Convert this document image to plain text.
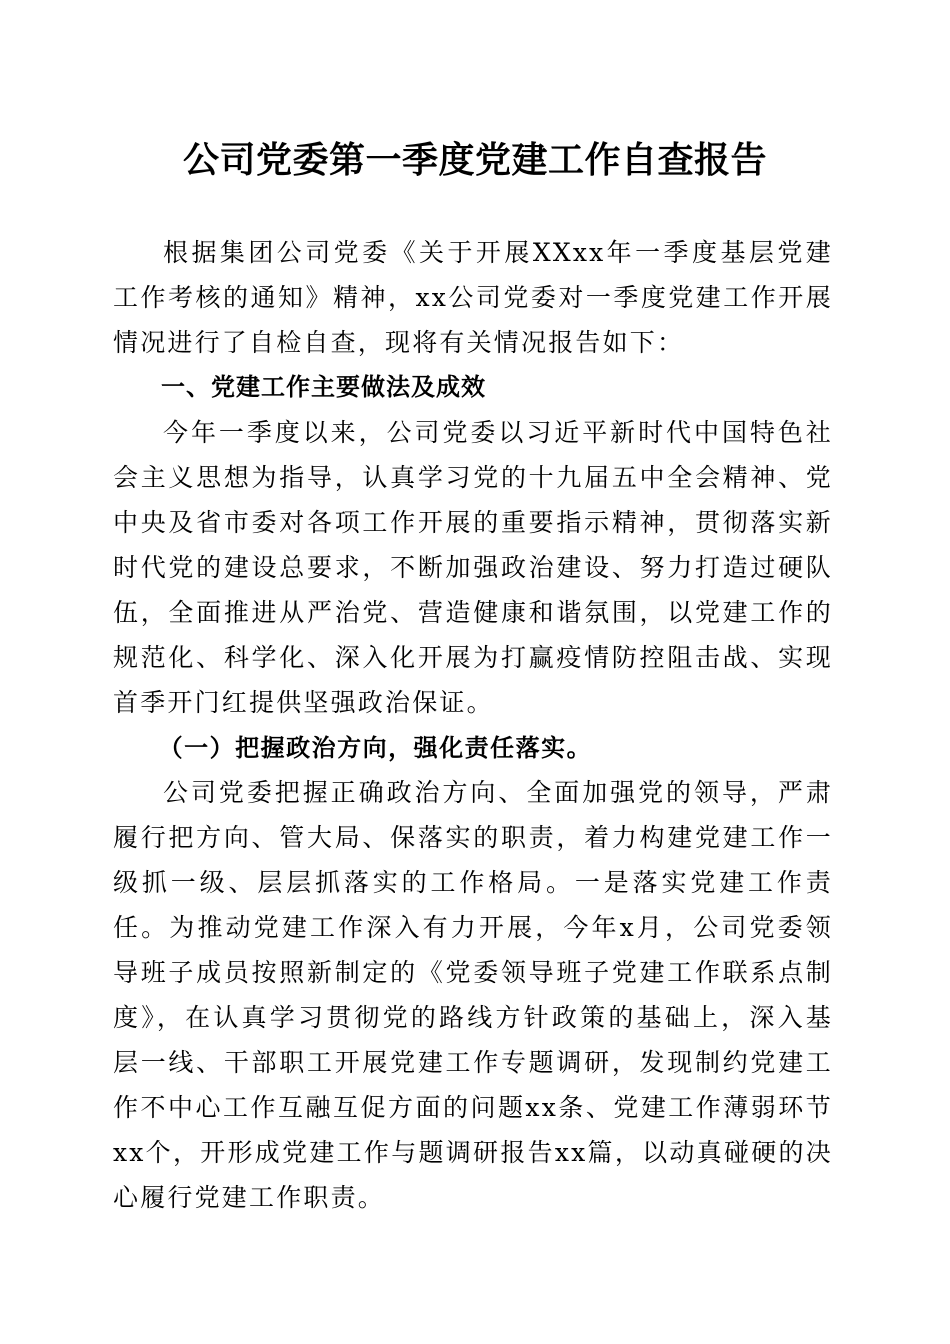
公司党委第一季度党建工作自查报告

根据集团公司党委《关于开展XXxx年一季度基层党建工作考核的通知》精神，xx公司党委对一季度党建工作开展情况进行了自检自查，现将有关情况报告如下：

一、党建工作主要做法及成效

今年一季度以来，公司党委以习近平新时代中国特色社会主义思想为指导，认真学习党的十九届五中全会精神、党中央及省市委对各项工作开展的重要指示精神，贯彻落实新时代党的建设总要求，不断加强政治建设、努力打造过硬队伍，全面推进从严治党、营造健康和谐氛围，以党建工作的规范化、科学化、深入化开展为打赢疫情防控阻击战、实现首季开门红提供坚强政治保证。

（一）把握政治方向，强化责任落实。

公司党委把握正确政治方向、全面加强党的领导，严肃履行把方向、管大局、保落实的职责，着力构建党建工作一级抓一级、层层抓落实的工作格局。一是落实党建工作责任。为推动党建工作深入有力开展，今年x月，公司党委领导班子成员按照新制定的《党委领导班子党建工作联系点制度》，在认真学习贯彻党的路线方针政策的基础上，深入基层一线、干部职工开展党建工作专题调研，发现制约党建工作不中心工作互融互促方面的问题xx条、党建工作薄弱环节xx个，开形成党建工作与题调研报告xx篇，以动真碰硬的决心履行党建工作职责。
